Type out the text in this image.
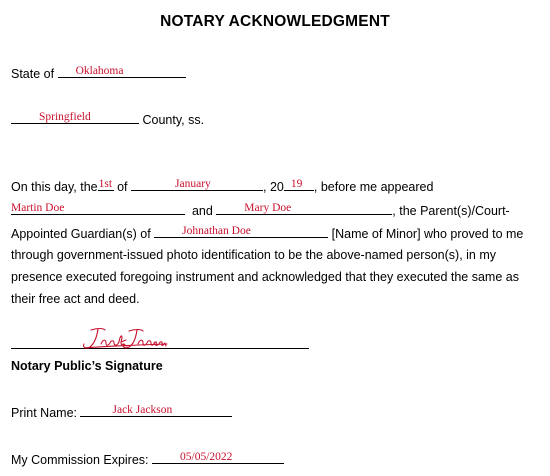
NOTARY ACKNOWLEDGMENT
State of Oklahoma
Springfield	County, ss.
On this day, the 1st of	January	, 20 19 , before me appeared
Martin Doe	and	Mary Doe	, the Parent(s)/Court-
Appointed Guardian(s) of	Johnathan Doe	[Name of Minor] who proved to me
through government-issued photo identification to be the above-named person(s), in my
presence executed foregoing instrument and acknowledged that they executed the same as
their free act and deed.
Notary Public’s Signature
Print Name:	Jack Jackson
My Commission Expires:	05/05/2022
